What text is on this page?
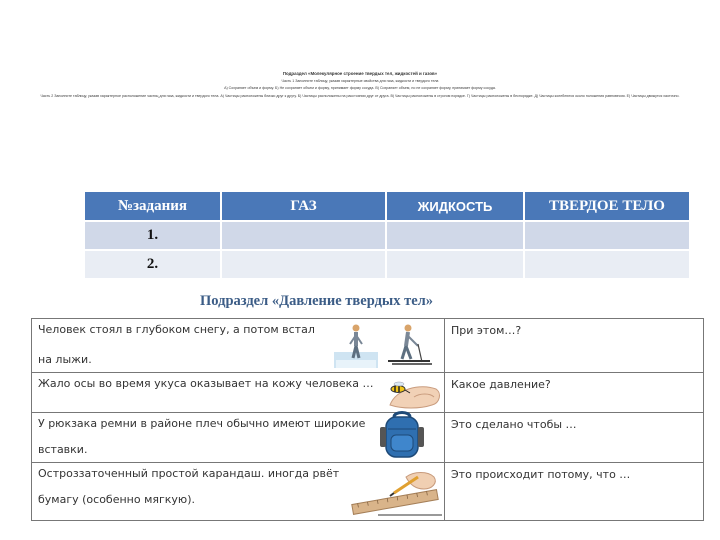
Подраздел «Молекулярное строение твердых тел, жидкостей и газов»
Часть 1 Заполните таблицу, указав характерные свойства для газа, жидкости и твердого тела
А) Сохраняет объем и форму. Б) Не сохраняет объем и форму, принимает форму сосуда. В) Сохраняет объем, но не сохраняет форму, принимает форму сосуда.
Часть 2 Заполните таблицу, указав характерное расположение частиц для газа, жидкости и твердого тела. А) Частицы расположены близко друг к другу. Б) Частицы расположены на расстоянии друг от друга. В) Частицы расположены в строгом порядке. Г) Частицы расположены в беспорядке. Д) Частицы колеблются около положения равновесия. Е) Частицы движутся хаотично.
№задания	ГАЗ	ЖИДКОСТЬ	ТВЕРДОЕ ТЕЛО
1.			
2.			
Подраздел «Давление твердых тел»
Человек стоял в глубоком снегу, а потом встал
на лыжи.	При этом…?

Жало осы во время укуса оказывает на кожу человека …	Какое давление?

У рюкзака ремни в районе плеч обычно имеют широкие
вставки.	Это сделано чтобы …

Остроззаточенный простой карандаш. иногда рвёт
бумагу (особенно мягкую).	Это происходит потому, что …
